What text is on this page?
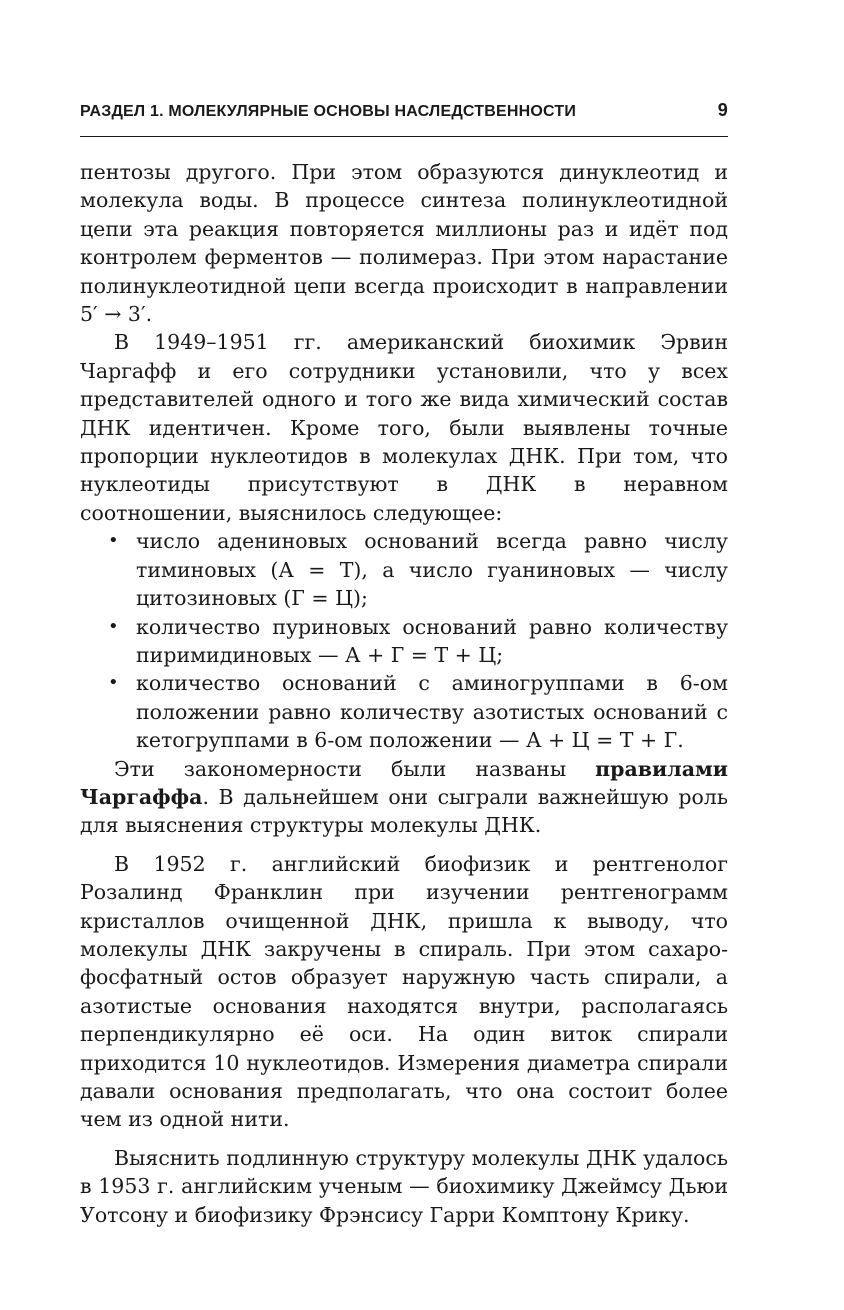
РАЗДЕЛ 1. МОЛЕКУЛЯРНЫЕ ОСНОВЫ НАСЛЕДСТВЕННОСТИ	9

пентозы другого. При этом образуются динуклеотид и молекула воды. В процессе синтеза полинуклеотидной цепи эта реакция повторяется миллионы раз и идёт под контролем ферментов — полимераз. При этом нарастание полинуклеотидной цепи всегда происходит в направлении 5′ → 3′.

В 1949–1951 гг. американский биохимик Эрвин Чаргафф и его сотрудники установили, что у всех представителей одного и того же вида химический состав ДНК идентичен. Кроме того, были выявлены точные пропорции нуклеотидов в молекулах ДНК. При том, что нуклеотиды присутствуют в ДНК в неравном соотношении, выяснилось следующее:

• число адениновых оснований всегда равно числу тиминовых (А = Т), а число гуаниновых — числу цитозиновых (Г = Ц);
• количество пуриновых оснований равно количеству пиримидиновых — А + Г = Т + Ц;
• количество оснований с аминогруппами в 6-ом положении равно количеству азотистых оснований с кетогруппами в 6-ом положении — А + Ц = Т + Г.

Эти закономерности были названы правилами Чаргаффа. В дальнейшем они сыграли важнейшую роль для выяснения структуры молекулы ДНК.

В 1952 г. английский биофизик и рентгенолог Розалинд Франклин при изучении рентгенограмм кристаллов очищенной ДНК, пришла к выводу, что молекулы ДНК закручены в спираль. При этом сахаро-фосфатный остов образует наружную часть спирали, а азотистые основания находятся внутри, располагаясь перпендикулярно её оси. На один виток спирали приходится 10 нуклеотидов. Измерения диаметра спирали давали основания предполагать, что она состоит более чем из одной нити.

Выяснить подлинную структуру молекулы ДНК удалось в 1953 г. английским ученым — биохимику Джеймсу Дьюи Уотсону и биофизику Фрэнсису Гарри Комптону Крику.
